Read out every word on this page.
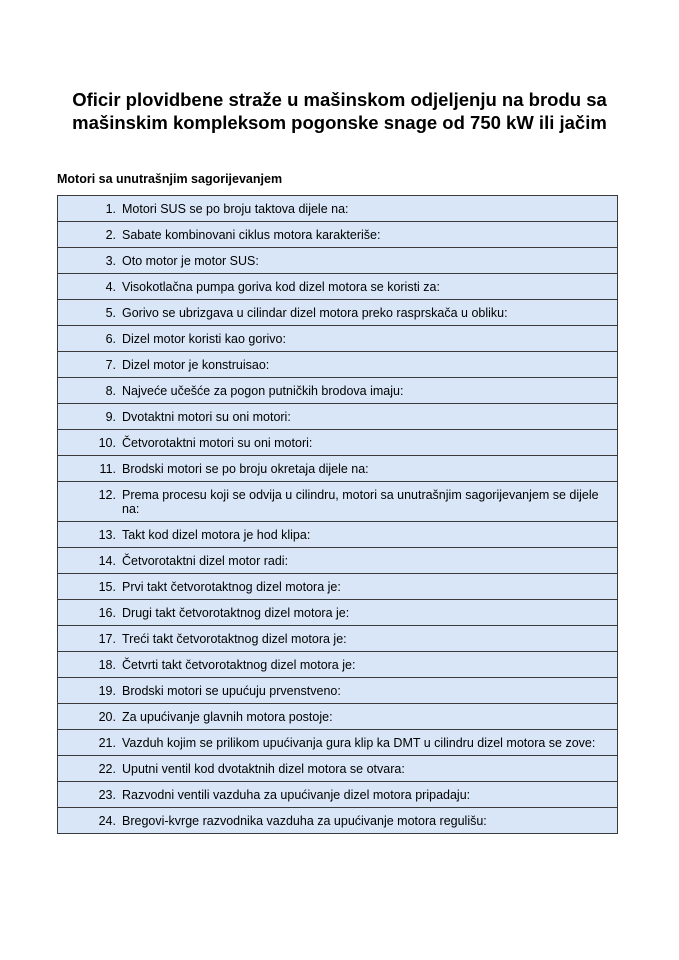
Oficir plovidbene straže u mašinskom odjeljenju na brodu sa
mašinskim kompleksom pogonske snage od 750 kW ili jačim
Motori sa unutrašnjim sagorijevanjem
1. Motori SUS se po broju taktova dijele na:

2. Sabate kombinovani ciklus motora karakteriše:

3. Oto motor je motor SUS:

4. Visokotlačna pumpa goriva kod dizel motora se koristi za:

5. Gorivo se ubrizgava u cilindar dizel motora preko rasprskača u obliku:

6. Dizel motor koristi kao gorivo:

7. Dizel motor je konstruisao:

8. Najveće učešće za pogon putničkih brodova imaju:

9. Dvotaktni motori su oni motori:

10. Četvorotaktni motori su oni motori:

11. Brodski motori se po broju okretaja dijele na:

12. Prema procesu koji se odvija u cilindru, motori sa unutrašnjim sagorijevanjem se dijele na:

13. Takt kod dizel motora je hod klipa:

14. Četvorotaktni dizel motor radi:

15. Prvi takt četvorotaktnog dizel motora je:

16. Drugi takt četvorotaktnog dizel motora je:

17. Treći takt četvorotaktnog dizel motora je:

18. Četvrti takt četvorotaktnog dizel motora je:

19. Brodski motori se upućuju prvenstveno:

20. Za upućivanje glavnih motora postoje:

21. Vazduh kojim se prilikom upućivanja gura klip ka DMT u cilindru dizel motora se zove:

22. Uputni ventil kod dvotaktnih dizel motora se otvara:

23. Razvodni ventili vazduha za upućivanje dizel motora pripadaju:

24. Bregovi-kvrge razvodnika vazduha za upućivanje motora regulišu:
